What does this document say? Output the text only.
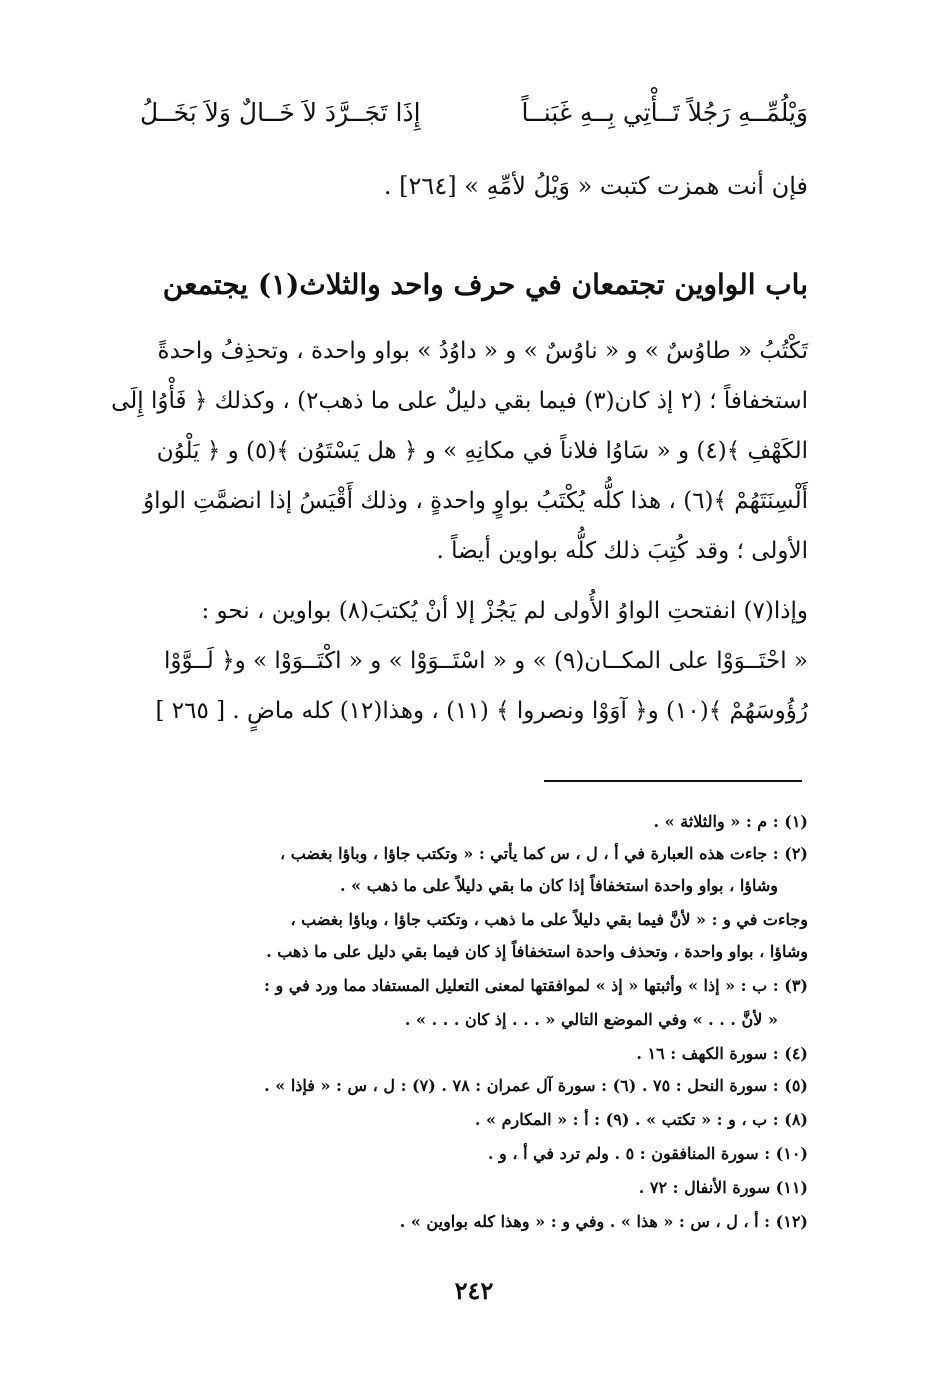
وَيْلُمِّــهِ رَجُلاً تَــأْتِي بِــهِ غَبَنــاً
إِذَا تَجَــرَّدَ لاَ خَــالٌ وَلاَ بَخَــلُ
فإن أنت همزت كتبت « وَيْلُ لأمِّهِ » [٢٦٤] .
باب الواوين تجتمعان في حرف واحد والثلاث(١) يجتمعن
تَكْتُبُ « طاوُسٌ » و « ناوُسٌ » و « داوُدُ » بواو واحدة ، وتحذِفُ واحدةً
استخفافاً ؛ (٢ إذ كان(٣) فيما بقي دليلٌ على ما ذهب٢) ، وكذلك ﴿ فَأْوُا إِلَى
الكَهْفِ ﴾(٤) و « سَاوُا فلاناً في مكانِهِ » و ﴿ هل يَسْتَوُن ﴾(٥) و ﴿ يَلْوُن
أَلْسِنَتَهُمْ ﴾(٦) ، هذا كلُّه يُكْتَبُ بواوٍ واحدةٍ ، وذلك أَقْيَسُ إذا انضمَّتِ الواوُ
الأولى ؛ وقد كُتِبَ ذلك كلُّه بواوين أيضاً .
وإذا(٧) انفتحتِ الواوُ الأُولى لم يَجُزْ إلا أنْ يُكتبَ(٨) بواوين ، نحو :
« احْتَــوَوْا على المكــان(٩) » و « اسْتَــوَوْا » و « اكْتَــوَوْا » و﴿ لَــوَّوْا
رُؤُوسَهُمْ ﴾(١٠) و﴿ آوَوْا ونصروا ﴾ (١١) ، وهذا(١٢) كله ماضٍ . [ ٢٦٥ ]
(١) : م : « والثلاثة » .
(٢) : جاءت هذه العبارة في أ ، ل ، س كما يأتي : « وتكتب جاؤا ، وباؤا بغضب ،
وشاؤا ، بواو واحدة استخفافاً إذا كان ما بقي دليلاً على ما ذهب » .
وجاءت في و : « لأنَّ فيما بقي دليلاً على ما ذهب ، وتكتب جاؤا ، وباؤا بغضب ،
وشاؤا ، بواو واحدة ، وتحذف واحدة استخفافاً إذ كان فيما بقي دليل على ما ذهب .
(٣) : ب : « إذا » وأثبتها « إذ » لموافقتها لمعنى التعليل المستفاد مما ورد في و :
« لأنَّ . . . » وفي الموضع التالي « . . . إذ كان . . . » .
(٤) : سورة الكهف : ١٦ .
(٥) : سورة النحل : ٧٥ . (٦) : سورة آل عمران : ٧٨ . (٧) : ل ، س : « فإذا » .
(٨) : ب ، و : « تكتب » . (٩) : أ : « المكارم » .
(١٠) : سورة المنافقون : ٥ . ولم ترد في أ ، و .
(١١) سورة الأنفال : ٧٢ .
(١٢) : أ ، ل ، س : « هذا » . وفي و : « وهذا كله بواوين » .
٢٤٢
